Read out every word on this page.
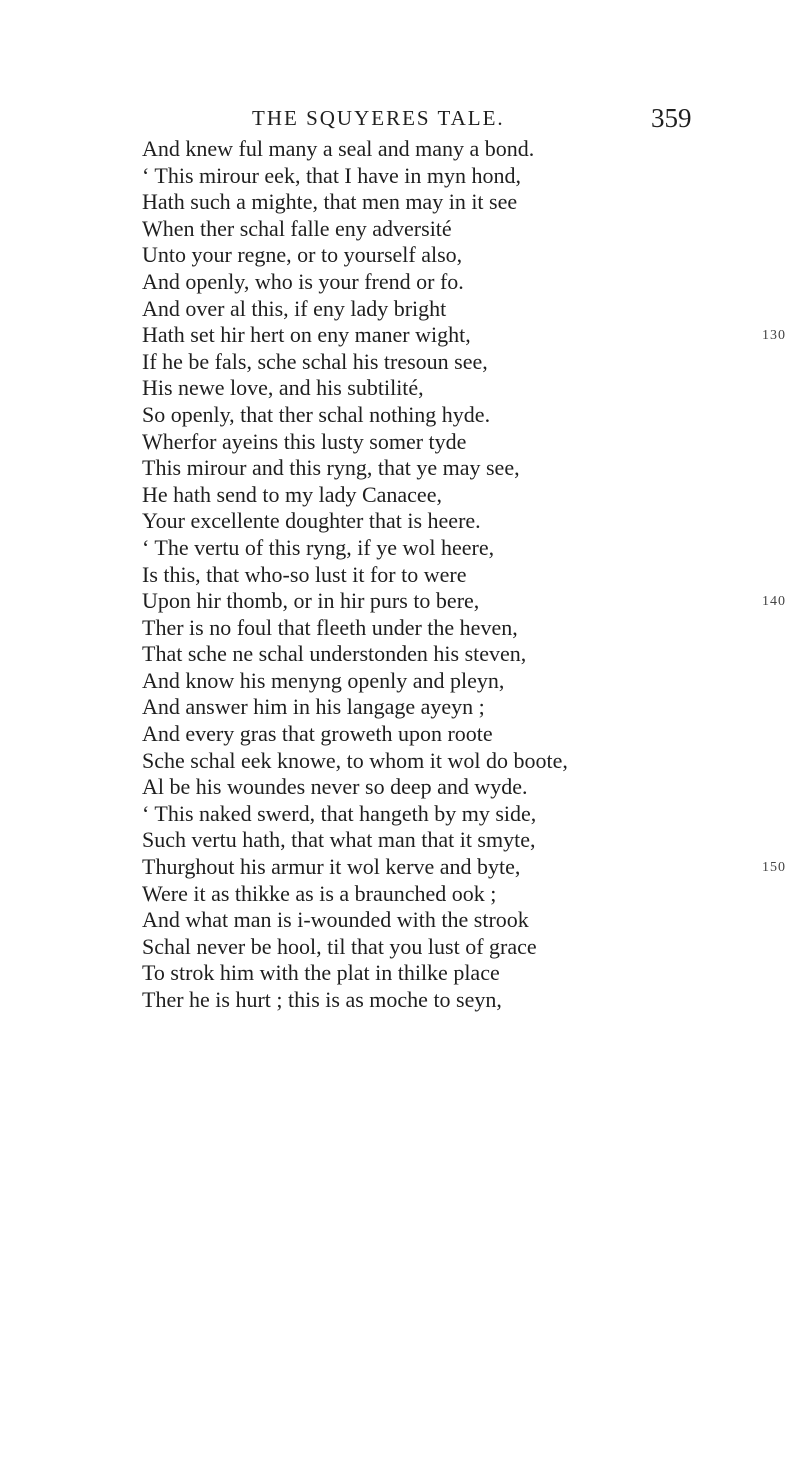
THE SQUYERES TALE.	359
And knew ful many a seal and many a bond.
‘ This mirour eek, that I have in myn hond,
Hath such a mighte, that men may in it see
When ther schal falle eny adversité
Unto your regne, or to yourself also,
And openly, who is your frend or fo.
And over al this, if eny lady bright
Hath set hir hert on eny maner wight,	130
If he be fals, sche schal his tresoun see,
His newe love, and his subtilité,
So openly, that ther schal nothing hyde.
Wherfor ayeins this lusty somer tyde
This mirour and this ryng, that ye may see,
He hath send to my lady Canacee,
Your excellente doughter that is heere.
‘ The vertu of this ryng, if ye wol heere,
Is this, that who-so lust it for to were
Upon hir thomb, or in hir purs to bere,	140
Ther is no foul that fleeth under the heven,
That sche ne schal understonden his steven,
And know his menyng openly and pleyn,
And answer him in his langage ayeyn ;
And every gras that groweth upon roote
Sche schal eek knowe, to whom it wol do boote,
Al be his woundes never so deep and wyde.
‘ This naked swerd, that hangeth by my side,
Such vertu hath, that what man that it smyte,
Thurghout his armur it wol kerve and byte,	150
Were it as thikke as is a braunched ook ;
And what man is i-wounded with the strook
Schal never be hool, til that you lust of grace
To strok him with the plat in thilke place
Ther he is hurt ; this is as moche to seyn,
